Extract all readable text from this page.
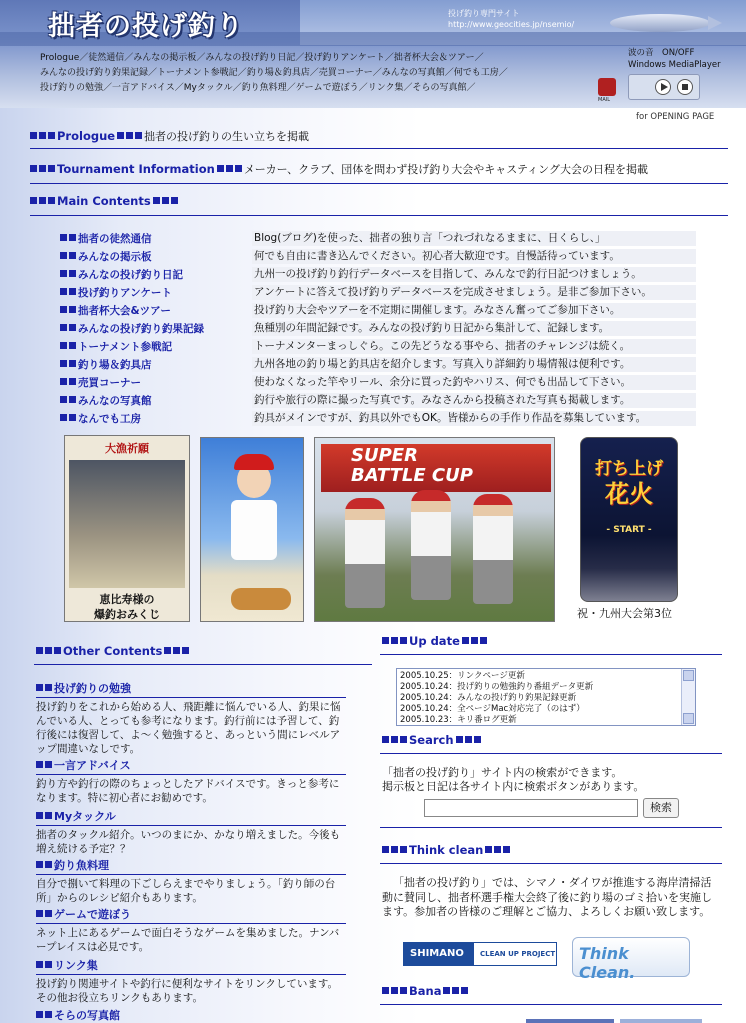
拙者の投げ釣り	投げ釣り専門サイト
http://www.geocities.jp/nsemio/
Prologue／徒然通信／みんなの掲示板／みんなの投げ釣り日記／投げ釣りアンケート／拙者杯大会＆ツアー／
みんなの投げ釣り釣果記録／トーナメント参戦記／釣り場＆釣具店／売買コーナー／みんなの写真館／何でも工房／
投げ釣りの勉強／一言アドバイス／Myタックル／釣り魚料理／ゲームで遊ぼう／リンク集／そらの写真館／
MAIL
波の音　ON/OFF
Windows MediaPlayer
for OPENING PAGE
Prologue	拙者の投げ釣りの生い立ちを掲載
Tournament Information	メーカー、クラブ、団体を問わず投げ釣り大会やキャスティング大会の日程を掲載
Main Contents
拙者の徒然通信	Blog(ブログ)を使った、拙者の独り言「つれづれなるままに、日くらし、」
みんなの掲示板	何でも自由に書き込んでください。初心者大歓迎です。自慢話待っています。
みんなの投げ釣り日記	九州一の投げ釣り釣行データベースを目指して、みんなで釣行日記つけましょう。
投げ釣りアンケート	アンケートに答えて投げ釣りデータベースを完成させましょう。是非ご参加下さい。
拙者杯大会&ツアー	投げ釣り大会やツアーを不定期に開催します。みなさん奮ってご参加下さい。
みんなの投げ釣り釣果記録	魚種別の年間記録です。みんなの投げ釣り日記から集計して、記録します。
トーナメント参戦記	トーナメンターまっしぐら。この先どうなる事やら、拙者のチャレンジは続く。
釣り場＆釣具店	九州各地の釣り場と釣具店を紹介します。写真入り詳細釣り場情報は便利です。
売買コーナー	使わなくなった竿やリール、余分に買った釣やハリス、何でも出品して下さい。
みんなの写真館	釣行や旅行の際に撮った写真です。みなさんから投稿された写真も掲載します。
なんでも工房	釣具がメインですが、釣具以外でもOK。皆様からの手作り作品を募集しています。
大漁祈願
恵比寿様の
爆釣おみくじ
SUPER
BATTLE CUP	打ち上げ
花火
- START -
祝・九州大会第3位
Other Contents
投げ釣りの勉強
投げ釣りをこれから始める人、飛距離に悩んでいる人、釣果に悩んでいる人、とっても参考になります。釣行前には予習して、釣行後には復習して、よ～く勉強すると、あっという間にレベルアップ間違いなしです。
一言アドバイス
釣り方や釣行の際のちょっとしたアドバイスです。きっと参考になります。特に初心者にお勧めです。
Myタックル
拙者のタックル紹介。いつのまにか、かなり増えました。今後も増え続ける予定？？
釣り魚料理
自分で捌いて料理の下ごしらえまでやりましょう。「釣り師の台所」からのレシピ紹介もあります。
ゲームで遊ぼう
ネット上にあるゲームで面白そうなゲームを集めました。ナンバープレイスは必見です。
リンク集
投げ釣り関連サイトや釣行に便利なサイトをリンクしています。その他お役立ちリンクもあります。
そらの写真館
Up date
2005.10.25：リンクページ更新
2005.10.24：投げ釣りの勉強釣り番組データ更新
2005.10.24：みんなの投げ釣り釣果記録更新
2005.10.24：全ページMac対応完了（のはず）
2005.10.23：キリ番ログ更新
Search
「拙者の投げ釣り」サイト内の検索ができます。
掲示板と日記は各サイト内に検索ボタンがあります。
検索
Think clean
「拙者の投げ釣り」では、シマノ・ダイワが推進する海岸清掃活動に賛同し、拙者杯選手権大会終了後に釣り場のゴミ拾いを実施します。参加者の皆様のご理解とご協力、よろしくお願い致します。
SHIMANO CLEAN UP PROJECT Think Clean.
Bana
